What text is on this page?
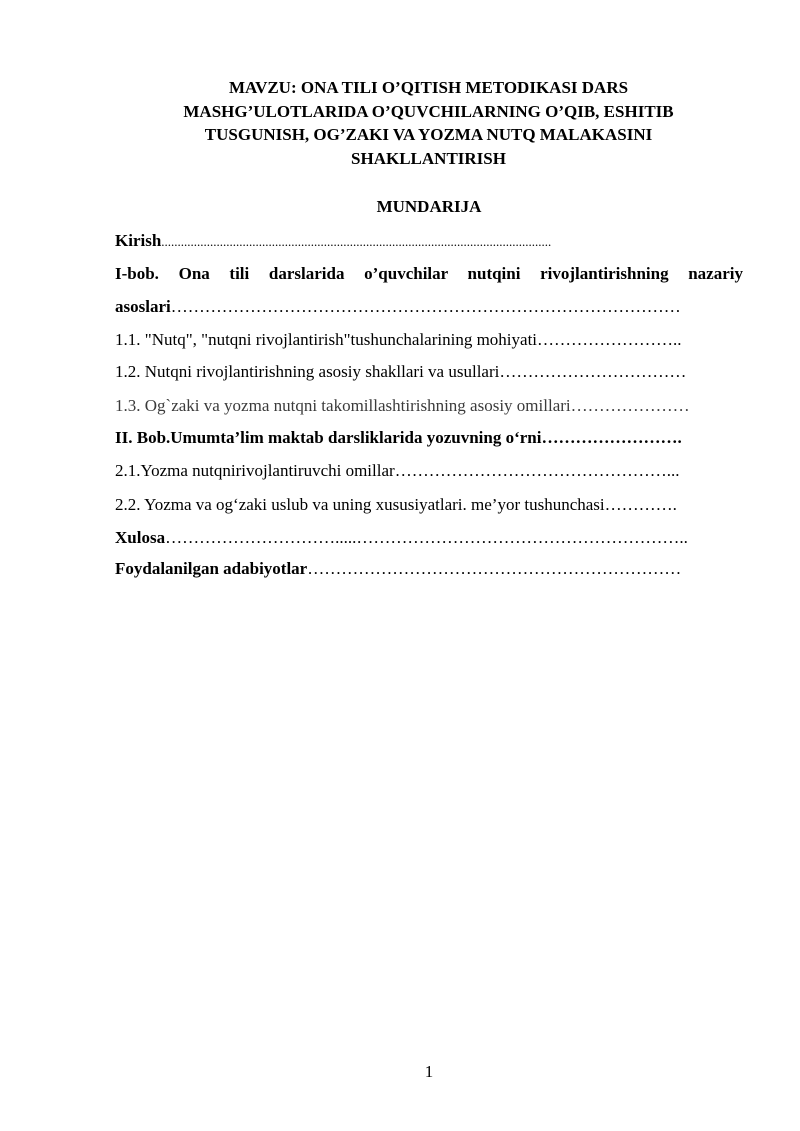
MAVZU: ONA TILI O’QITISH METODIKASI DARS MASHG’ULOTLARIDA O’QUVCHILARNING O’QIB, ESHITIB TUSGUNISH, OG’ZAKI VA YOZMA NUTQ MALAKASINI SHAKLLANTIRISH
MUNDARIJA

Kirish........................................................................................................................

I-bob. Ona tili darslarida o’quvchilar nutqini rivojlantirishning nazariy asoslari………………………………………………………………………………

1.1. "Nutq", "nutqni rivojlantirish"tushunchalarining mohiyati……………………..

1.2. Nutqni rivojlantirishning asosiy shakllari va usullari……………………………

1.3. Og`zaki va yozma nutqni takomillashtirishning asosiy omillari…………………

II. Bob.Umumta’lim maktab darsliklarida yozuvning o‘rni…………………….

2.1.Yozma nutqnirivojlantiruvchi omillar…………………………………………...

2.2. Yozma va og‘zaki uslub va uning xususiyatlari. me’yor tushunchasi………….

Xulosa………………………….....…………………………………………………..

Foydalanilgan adabiyotlar…………………………………………………………

1
